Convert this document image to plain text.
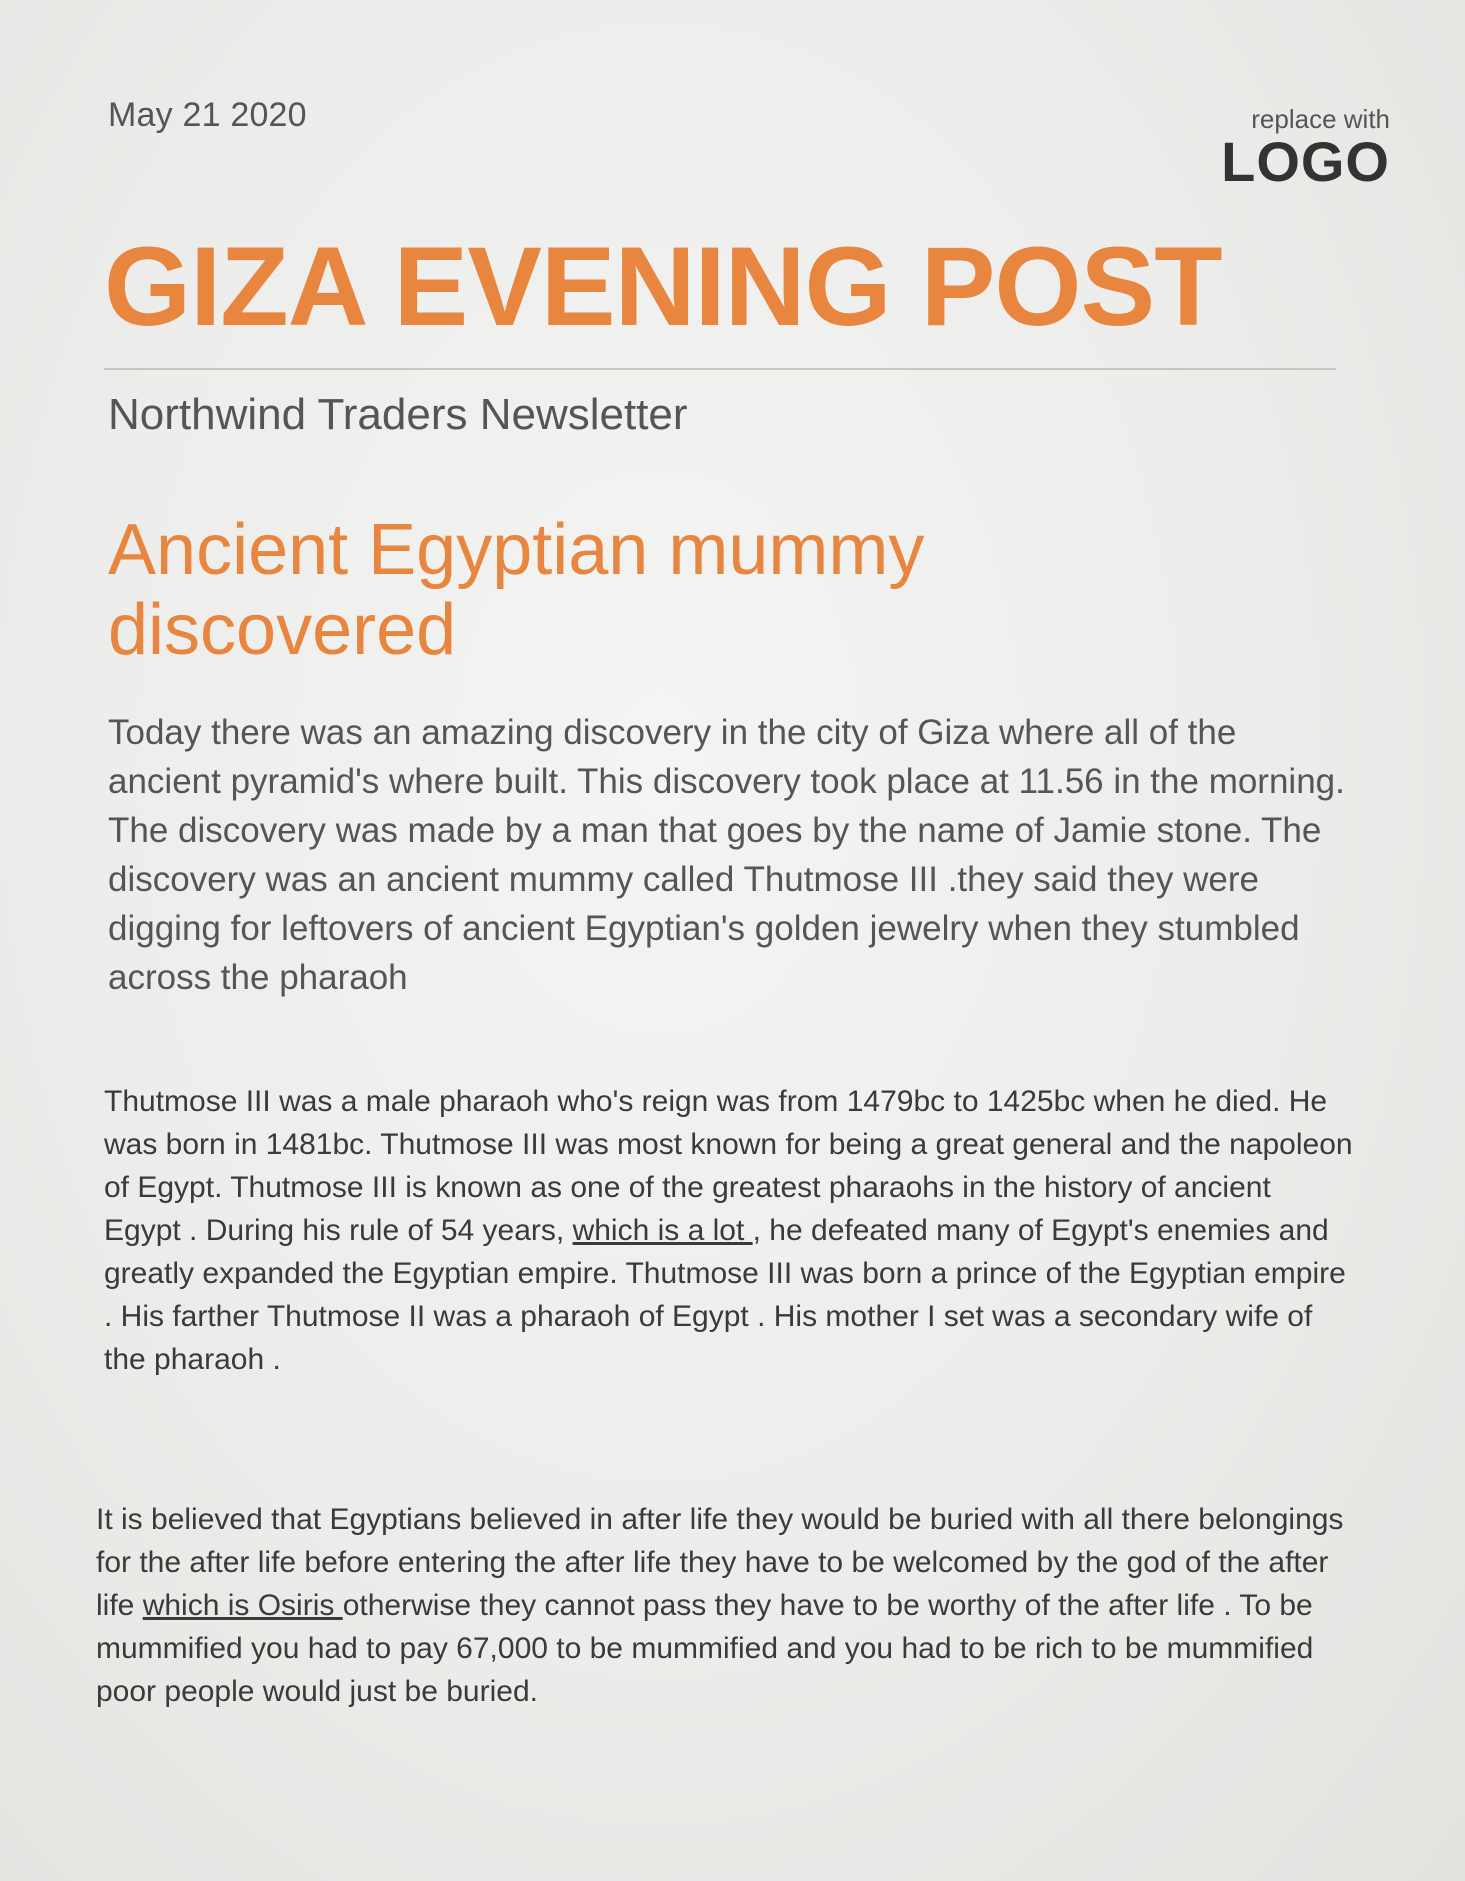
May 21 2020	replace with
LOGO
GIZA EVENING POST
Northwind Traders Newsletter
Ancient Egyptian mummy discovered
Today there was an amazing discovery in the city of Giza where all of the ancient pyramid's where built. This discovery took place at 11.56 in the morning. The discovery was made by a man that goes by the name of Jamie stone. The discovery was an ancient mummy called Thutmose III .they said they were digging for leftovers of ancient Egyptian's golden jewelry when they stumbled across the pharaoh
Thutmose III was a male pharaoh who's reign was from 1479bc to 1425bc when he died. He was born in 1481bc. Thutmose III was most known for being a great general and the napoleon of Egypt. Thutmose III is known as one of the greatest pharaohs in the history of ancient Egypt . During his rule of 54 years, which is a lot , he defeated many of Egypt's enemies and greatly expanded the Egyptian empire. Thutmose III was born a prince of the Egyptian empire . His farther Thutmose II was a pharaoh of Egypt . His mother I set was a secondary wife of the pharaoh .
It is believed that Egyptians believed in after life they would be buried with all there belongings for the after life before entering the after life they have to be welcomed by the god of the after life which is Osiris otherwise they cannot pass they have to be worthy of the after life . To be mummified you had to pay 67,000 to be mummified and you had to be rich to be mummified poor people would just be buried.
